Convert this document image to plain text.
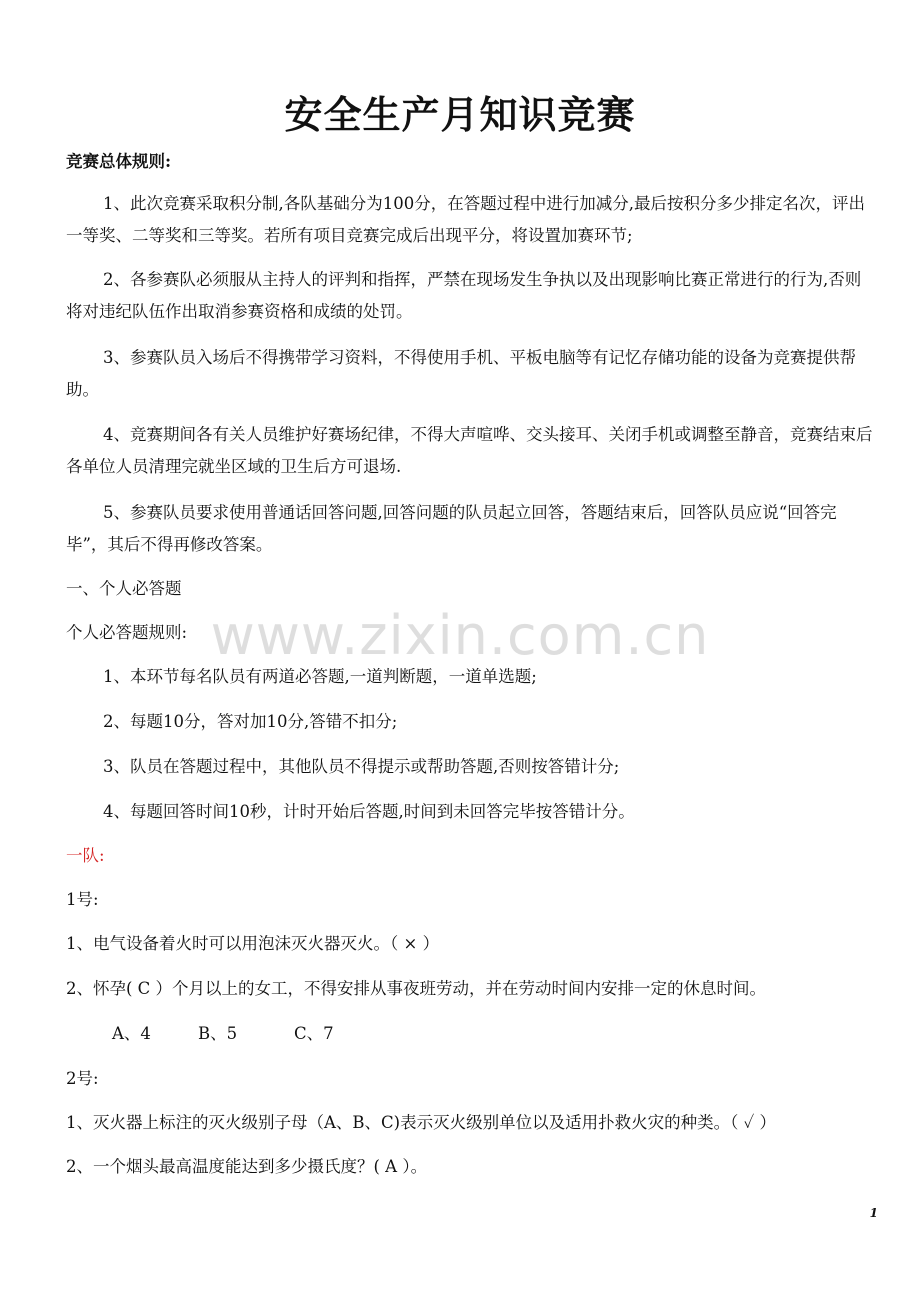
安全生产月知识竞赛
竞赛总体规则:
1、此次竞赛采取积分制,各队基础分为100分，在答题过程中进行加减分,最后按积分多少排定名次，评出一等奖、二等奖和三等奖。若所有项目竞赛完成后出现平分，将设置加赛环节;
2、各参赛队必须服从主持人的评判和指挥，严禁在现场发生争执以及出现影响比赛正常进行的行为,否则将对违纪队伍作出取消参赛资格和成绩的处罚。
3、参赛队员入场后不得携带学习资料，不得使用手机、平板电脑等有记忆存储功能的设备为竞赛提供帮助。
4、竞赛期间各有关人员维护好赛场纪律，不得大声喧哗、交头接耳、关闭手机或调整至静音，竞赛结束后各单位人员清理完就坐区域的卫生后方可退场.
5、参赛队员要求使用普通话回答问题,回答问题的队员起立回答，答题结束后，回答队员应说“回答完毕”，其后不得再修改答案。
一、个人必答题
个人必答题规则:
1、本环节每名队员有两道必答题,一道判断题，一道单选题;
2、每题10分，答对加10分,答错不扣分;
3、队员在答题过程中，其他队员不得提示或帮助答题,否则按答错计分;
4、每题回答时间10秒，计时开始后答题,时间到未回答完毕按答错计分。
一队:
1号:
1、电气设备着火时可以用泡沫灭火器灭火。（ × ）
2、怀孕( C ）个月以上的女工，不得安排从事夜班劳动，并在劳动时间内安排一定的休息时间。
A、4	B、5	C、7
2号:
1、灭火器上标注的灭火级别子母（A、B、C)表示灭火级别单位以及适用扑救火灾的种类。（ ✓ ）
2、一个烟头最高温度能达到多少摄氏度？( A ）。
www.zixin.com.cn
1
